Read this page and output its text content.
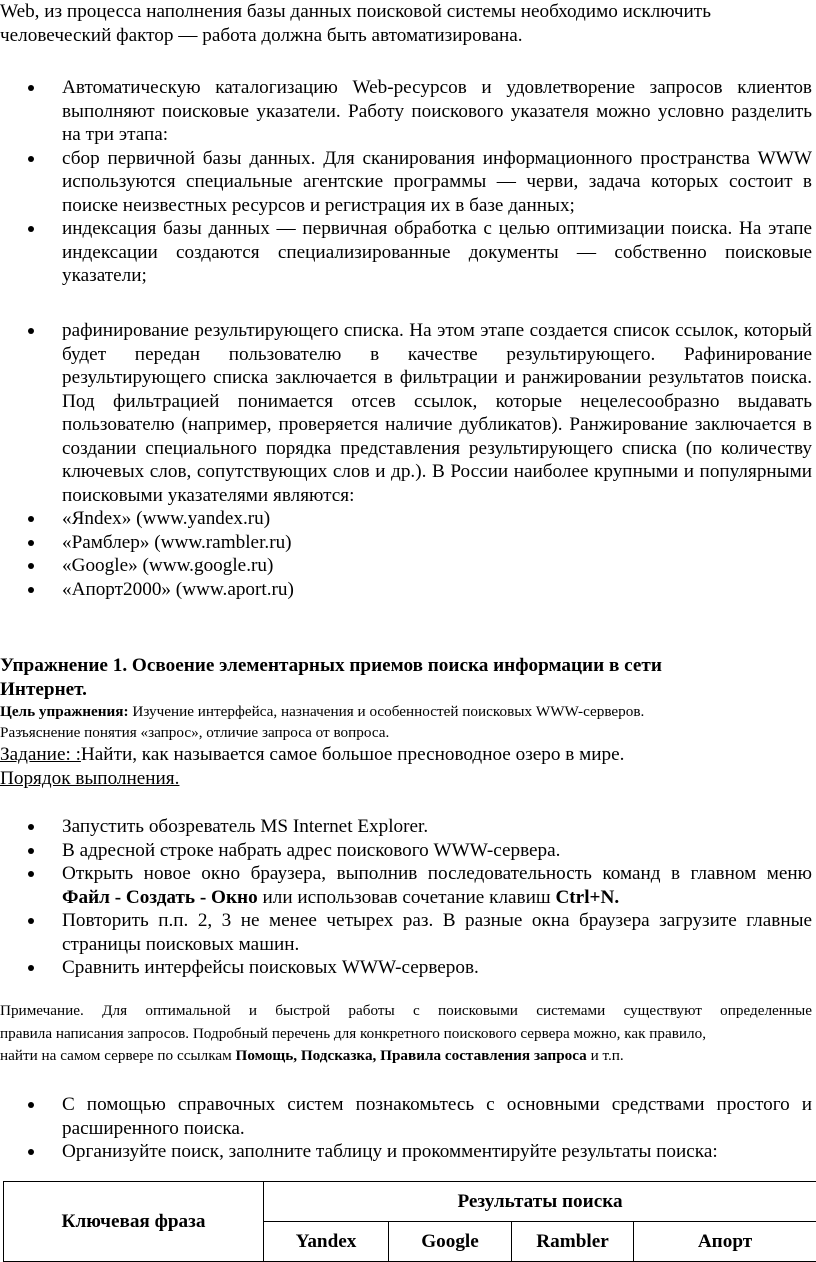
Web, из процесса наполнения базы данных поисковой системы необходимо исключить

человеческий фактор — работа должна быть автоматизирована.

Автоматическую каталогизацию Web-ресурсов и удовлетворение запросов клиентов выполняют поисковые указатели. Работу поискового указателя можно условно разделить на три этапа:
сбор первичной базы данных. Для сканирования информационного пространства WWW используются специальные агентские программы — черви, задача которых состоит в поиске неизвестных ресурсов и регистрация их в базе данных;
индексация базы данных — первичная обработка с целью оптимизации поиска. На этапе индексации создаются специализированные документы — собственно поисковые указатели;
рафинирование результирующего списка. На этом этапе создается список ссылок, который будет передан пользователю в качестве результирующего. Рафинирование результирующего списка заключается в фильтрации и ранжировании результатов поиска. Под фильтрацией понимается отсев ссылок, которые нецелесообразно выдавать пользователю (например, проверяется наличие дубликатов). Ранжирование заключается в создании специального порядка представления результирующего списка (по количеству ключевых слов, сопутствующих слов и др.). В России наиболее крупными и популярными поисковыми указателями являются:
«Яndex» (www.yandex.ru)
«Рамблер» (www.rambler.ru)
«Google» (www.google.ru)
«Апорт2000» (www.aport.ru)

Упражнение 1. Освоение элементарных приемов поиска информации в сети

Интернет.

Цель упражнения: Изучение интерфейса, назначения и особенностей поисковых WWW-серверов.

Разъяснение понятия «запрос», отличие запроса от вопроса.

Задание: :Найти, как называется самое большое пресноводное озеро в мире.

Порядок выполнения.

Запустить обозреватель MS Internet Explorer.
В адресной строке набрать адрес поискового WWW-сервера.
Открыть новое окно браузера, выполнив последовательность команд в главном меню Файл - Создать - Окно или использовав сочетание клавиш Ctrl+N.
Повторить п.п. 2, 3 не менее четырех раз. В разные окна браузера загрузите главные страницы поисковых машин.
Сравнить интерфейсы поисковых WWW-серверов.

Примечание. Для оптимальной и быстрой работы с поисковыми системами существуют определенные

правила написания запросов. Подробный перечень для конкретного поискового сервера можно, как правило,

найти на самом сервере по ссылкам Помощь, Подсказка, Правила составления запроса и т.п.

С помощью справочных систем познакомьтесь с основными средствами простого и расширенного поиска.
Организуйте поиск, заполните таблицу и прокомментируйте результаты поиска:
Ключевая фраза	Результаты поиска			
	Yandex	Google	Rambler	Апорт
